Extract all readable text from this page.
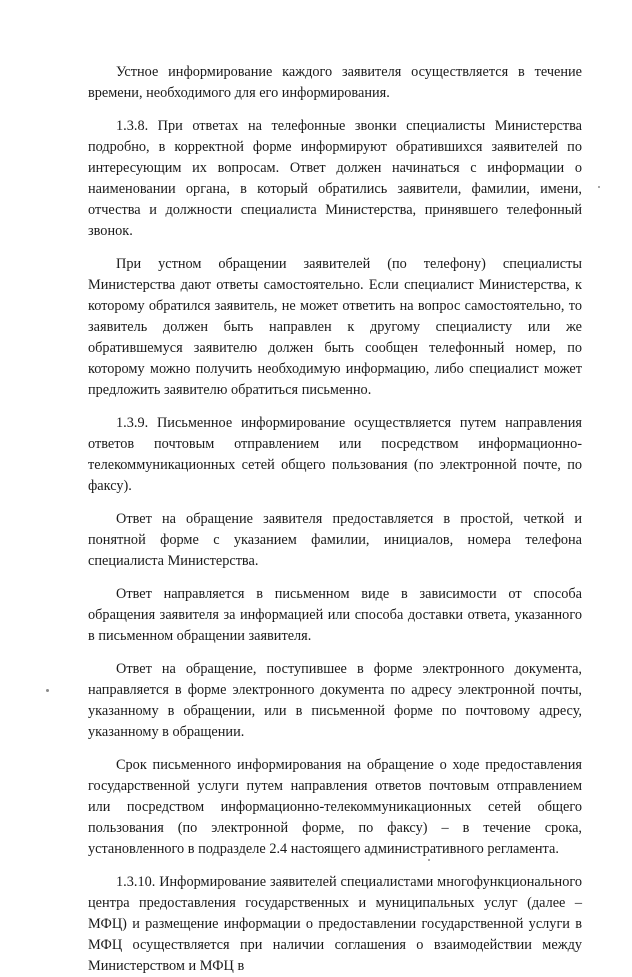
Устное информирование каждого заявителя осуществляется в течение времени, необходимого для его информирования.

1.3.8. При ответах на телефонные звонки специалисты Министерства подробно, в корректной форме информируют обратившихся заявителей по интересующим их вопросам. Ответ должен начинаться с информации о наименовании органа, в который обратились заявители, фамилии, имени, отчества и должности специалиста Министерства, принявшего телефонный звонок.

При устном обращении заявителей (по телефону) специалисты Министерства дают ответы самостоятельно. Если специалист Министерства, к которому обратился заявитель, не может ответить на вопрос самостоятельно, то заявитель должен быть направлен к другому специалисту или же обратившемуся заявителю должен быть сообщен телефонный номер, по которому можно получить необходимую информацию, либо специалист может предложить заявителю обратиться письменно.

1.3.9. Письменное информирование осуществляется путем направления ответов почтовым отправлением или посредством информационно-телекоммуникационных сетей общего пользования (по электронной почте, по факсу).

Ответ на обращение заявителя предоставляется в простой, четкой и понятной форме с указанием фамилии, инициалов, номера телефона специалиста Министерства.

Ответ направляется в письменном виде в зависимости от способа обращения заявителя за информацией или способа доставки ответа, указанного в письменном обращении заявителя.

Ответ на обращение, поступившее в форме электронного документа, направляется в форме электронного документа по адресу электронной почты, указанному в обращении, или в письменной форме по почтовому адресу, указанному в обращении.

Срок письменного информирования на обращение о ходе предоставления государственной услуги путем направления ответов почтовым отправлением или посредством информационно-телекоммуникационных сетей общего пользования (по электронной форме, по факсу) – в течение срока, установленного в подразделе 2.4 настоящего административного регламента.

1.3.10. Информирование заявителей специалистами многофункционального центра предоставления государственных и муниципальных услуг (далее – МФЦ) и размещение информации о предоставлении государственной услуги в МФЦ осуществляется при наличии соглашения о взаимодействии между Министерством и МФЦ в
